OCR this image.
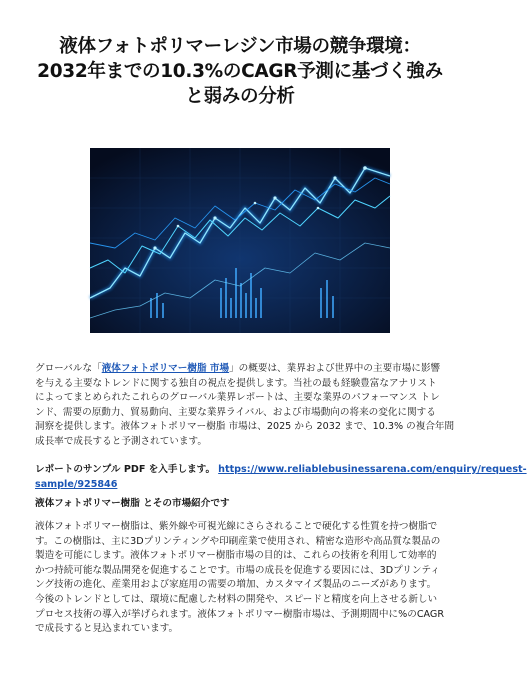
液体フォトポリマーレジン市場の競争環境：
2032年までの10.3%のCAGR予測に基づく強み
と弱みの分析

グローバルな「液体フォトポリマー樹脂 市場」の概要は、業界および世界中の主要市場に影響
を与える主要なトレンドに関する独自の視点を提供します。当社の最も経験豊富なアナリスト
によってまとめられたこれらのグローバル業界レポートは、主要な業界のパフォーマンス トレ
ンド、需要の原動力、貿易動向、主要な業界ライバル、および市場動向の将来の変化に関する
洞察を提供します。液体フォトポリマー樹脂 市場は、2025 から 2032 まで、10.3% の複合年間
成長率で成長すると予測されています。

レポートのサンプル PDF を入手します。 https://www.reliablebusinessarena.com/enquiry/request-
sample/925846

液体フォトポリマー樹脂 とその市場紹介です

液体フォトポリマー樹脂は、紫外線や可視光線にさらされることで硬化する性質を持つ樹脂で
す。この樹脂は、主に3Dプリンティングや印刷産業で使用され、精密な造形や高品質な製品の
製造を可能にします。液体フォトポリマー樹脂市場の目的は、これらの技術を利用して効率的
かつ持続可能な製品開発を促進することです。市場の成長を促進する要因には、3Dプリンティ
ング技術の進化、産業用および家庭用の需要の増加、カスタマイズ製品のニーズがあります。
今後のトレンドとしては、環境に配慮した材料の開発や、スピードと精度を向上させる新しい
プロセス技術の導入が挙げられます。液体フォトポリマー樹脂市場は、予測期間中に%のCAGR
で成長すると見込まれています。
